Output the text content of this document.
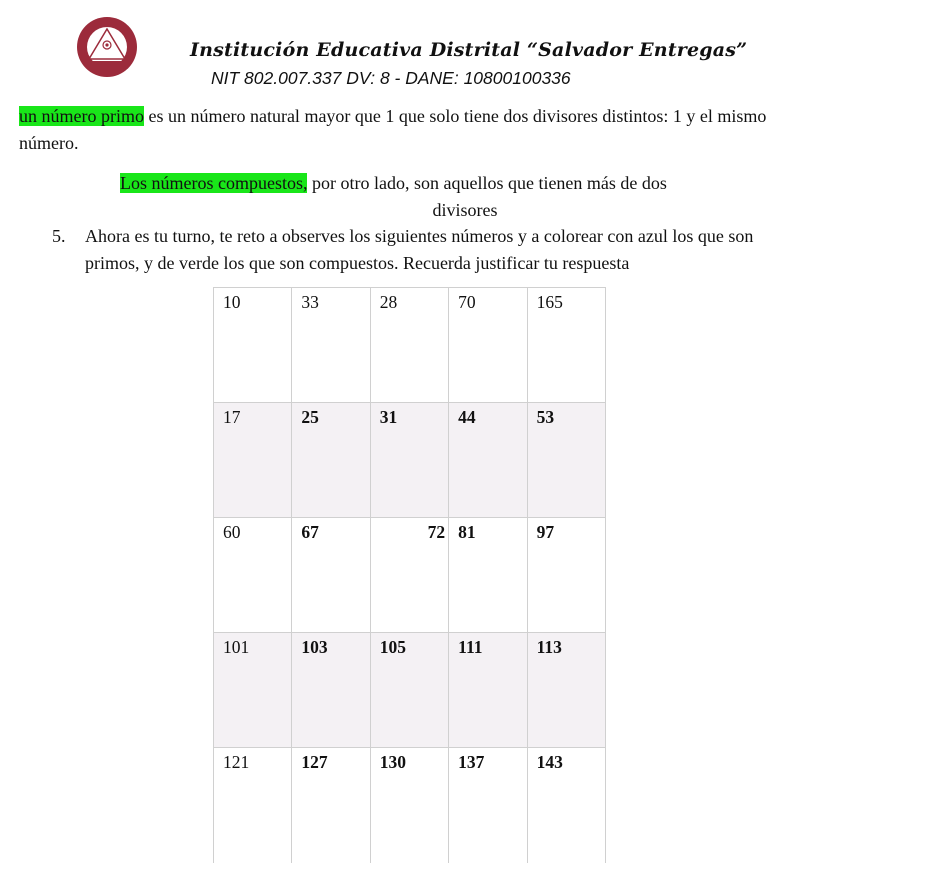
Institución Educativa Distrital “Salvador Entregas”
NIT 802.007.337 DV: 8 - DANE: 10800100336
un número primo es un número natural mayor que 1 que solo tiene dos divisores distintos: 1 y el mismo número.
Los números compuestos, por otro lado, son aquellos que tienen más de dos
divisores
5. Ahora es tu turno, te reto a observes los siguientes números y a colorear con azul los que son primos, y de verde los que son compuestos. Recuerda justificar tu respuesta
10	33	28	70	165
17	25	31	44	53
60	67	72	81	97
101	103	105	111	113
121	127	130	137	143
